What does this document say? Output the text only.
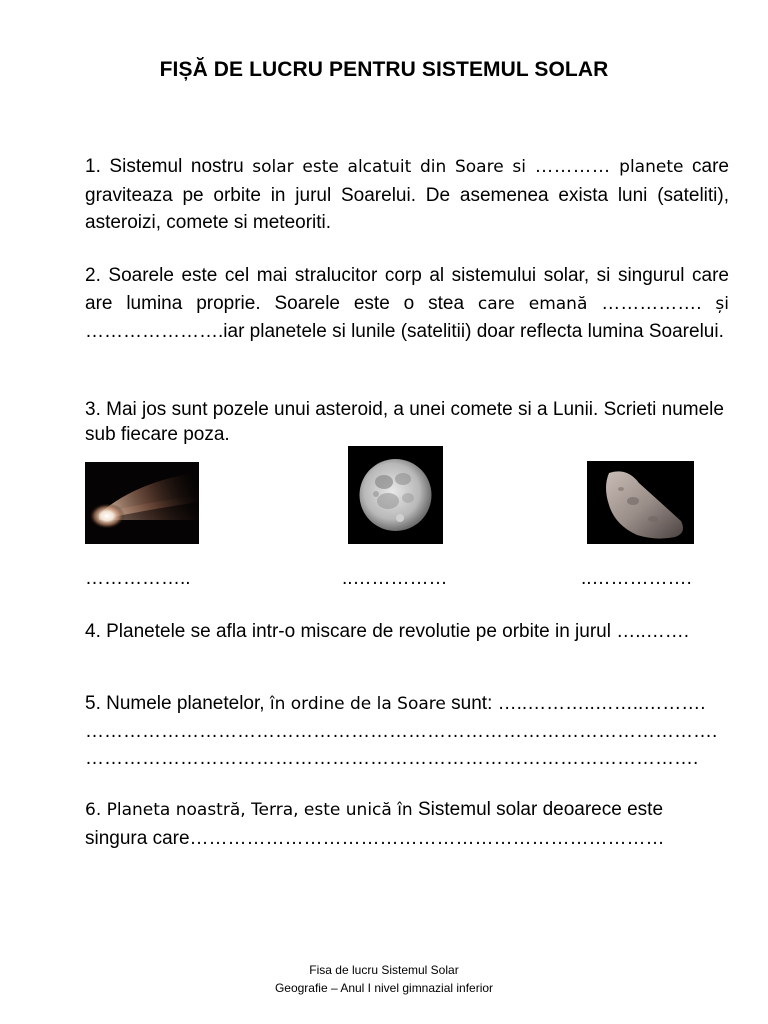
FIȘĂ DE LUCRU PENTRU SISTEMUL SOLAR
1. Sistemul nostru solar este alcatuit din Soare si ………… planete care graviteaza pe orbite in jurul Soarelui. De asemenea exista luni (sateliti), asteroizi, comete si meteoriti.
2. Soarele este cel mai stralucitor corp al sistemului solar, si singurul care are lumina proprie. Soarele este o stea care emană ……………. și ………………….iar planetele si lunile (satelitii) doar reflecta lumina Soarelui.
3. Mai jos sunt pozele unui asteroid, a unei comete si a Lunii. Scrieti numele sub fiecare poza.
……………..	..……………	..…………….
4. Planetele se afla intr-o miscare de revolutie pe orbite in jurul …..…….
5. Numele planetelor, în ordine de la Soare sunt: …..………..……..……….
……………………………………………………………………………………….
…………………………………………………………………………………….
6. Planeta noastră, Terra, este unică în Sistemul solar deoarece este
singura care…………………………………………………………………
Fisa de lucru Sistemul Solar
Geografie – Anul I nivel gimnazial inferior
